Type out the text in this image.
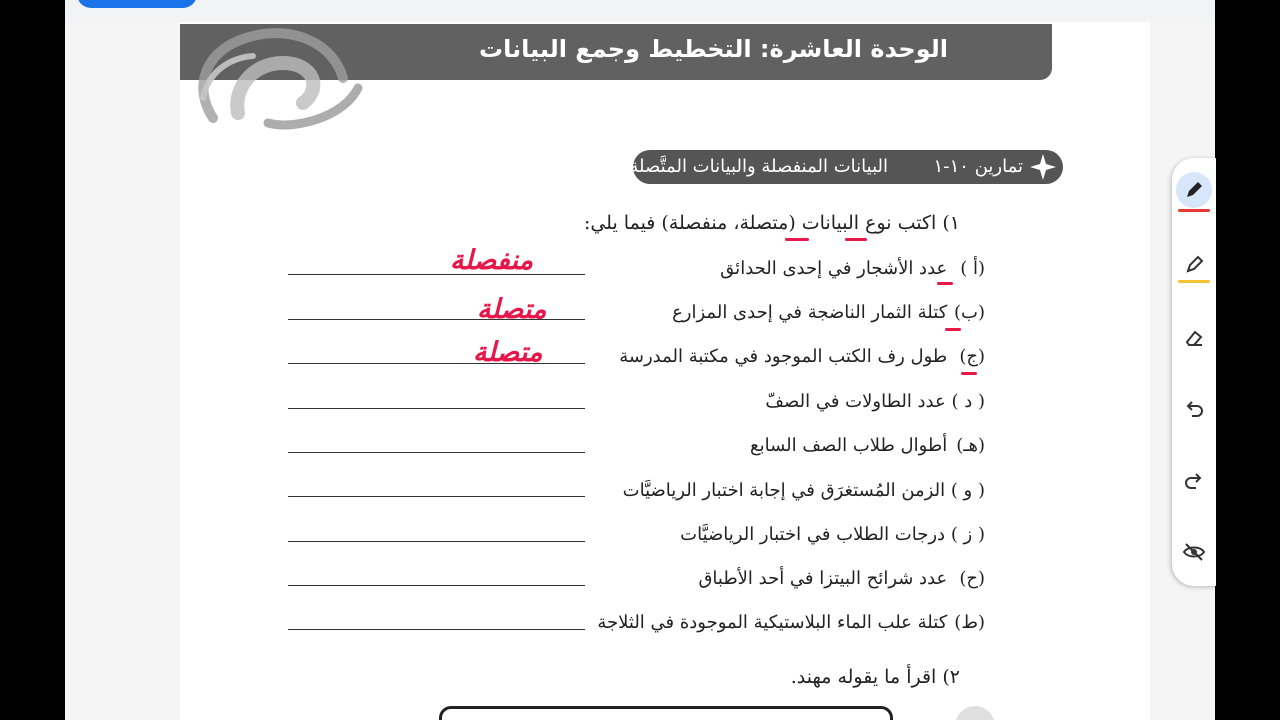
الوحدة العاشرة: التخطيط وجمع البيانات
تمارين ١٠-١
البيانات المنفصلة والبيانات المتَّصلة
١) اكتب نوع البيانات (متصلة، منفصلة) فيما يلي:
(أ ) عدد الأشجار في إحدى الحدائق
(ب) كتلة الثمار الناضجة في إحدى المزارع
(ج) طول رف الكتب الموجود في مكتبة المدرسة
( د ) عدد الطاولات في الصفّ
(هـ) أطوال طلاب الصف السابع
( و ) الزمن المُستغرَق في إجابة اختبار الرياضيَّات
( ز ) درجات الطلاب في اختبار الرياضيَّات
(ح) عدد شرائح البيتزا في أحد الأطباق
(ط) كتلة علب الماء البلاستيكية الموجودة في الثلاجة
منفصلة
متصلة
متصلة
٢) اقرأ ما يقوله مهند.
